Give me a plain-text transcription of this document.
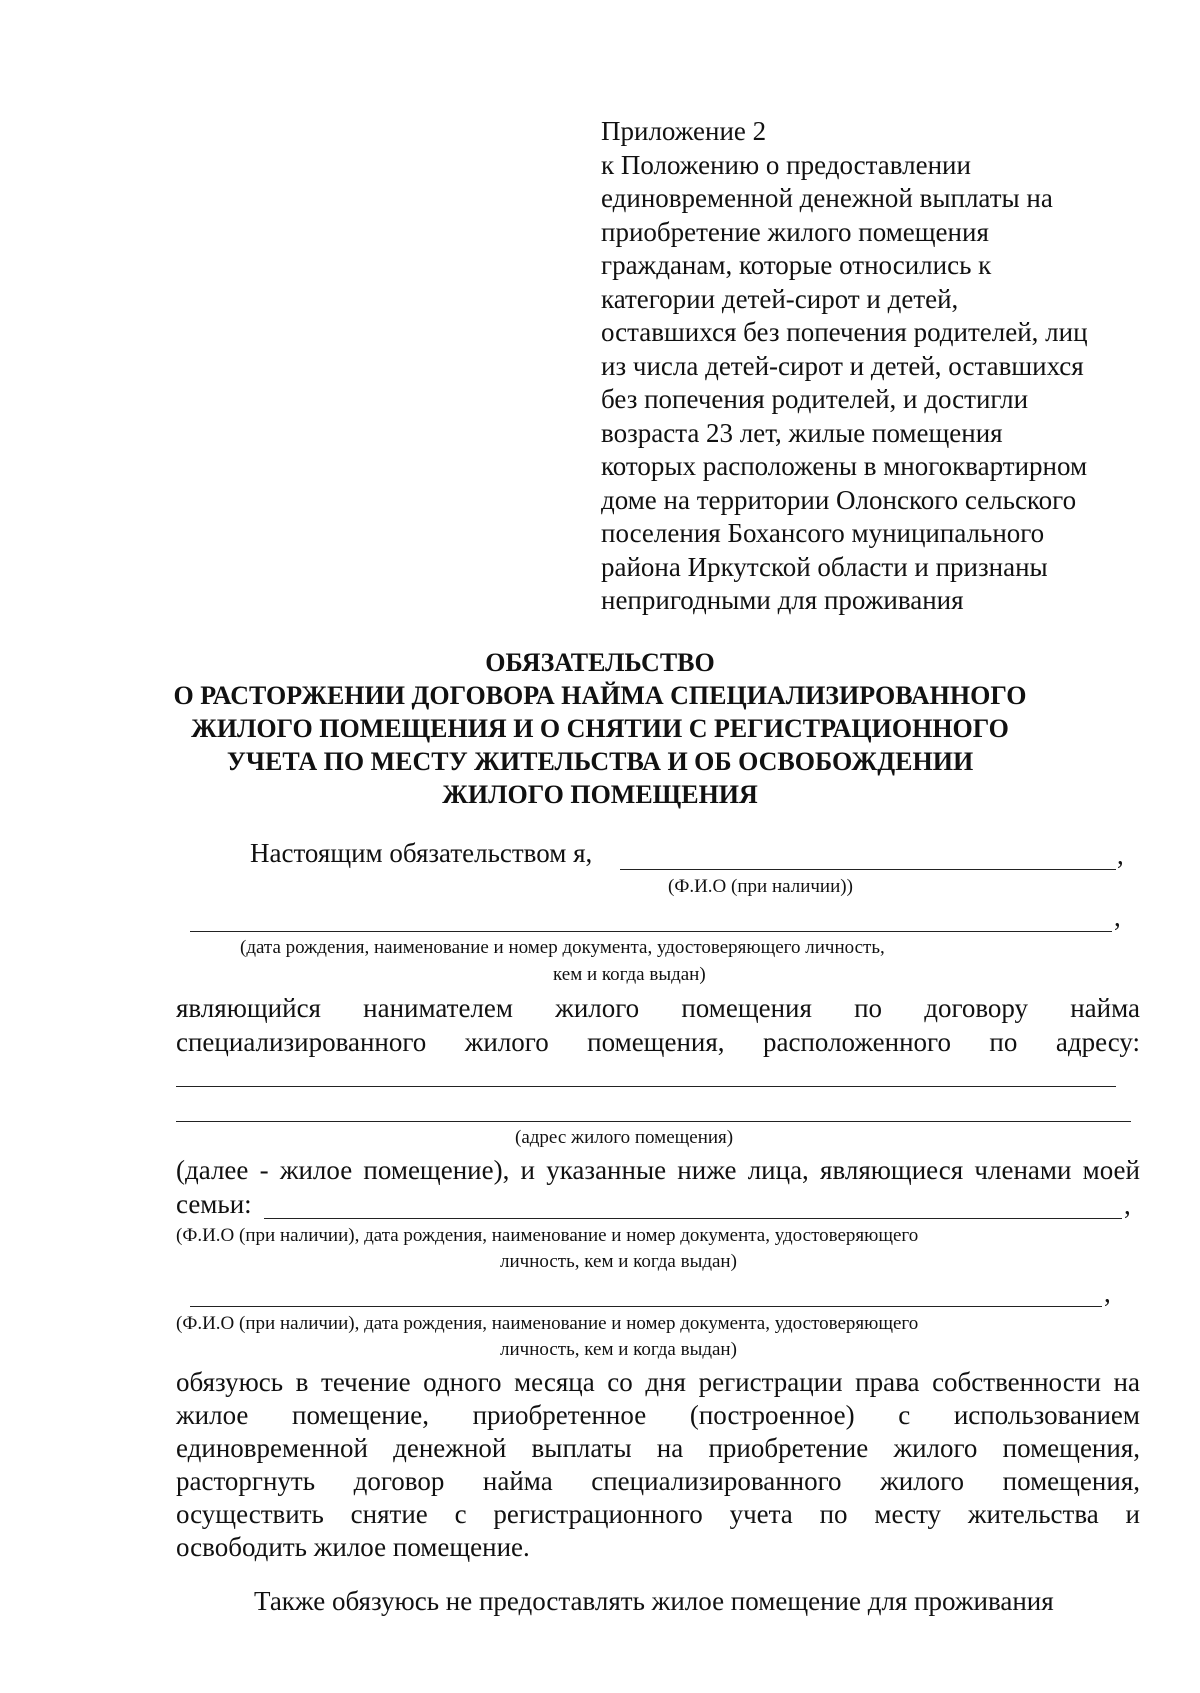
Приложение 2
к Положению о предоставлении
единовременной денежной выплаты на
приобретение жилого помещения
гражданам, которые относились к
категории детей-сирот и детей,
оставшихся без попечения родителей, лиц
из числа детей-сирот и детей, оставшихся
без попечения родителей, и достигли
возраста 23 лет, жилые помещения
которых расположены в многоквартирном
доме на территории Олонского сельского
поселения Бохансого муниципального
района Иркутской области и признаны
непригодными для проживания
ОБЯЗАТЕЛЬСТВО
О РАСТОРЖЕНИИ ДОГОВОРА НАЙМА СПЕЦИАЛИЗИРОВАННОГО
ЖИЛОГО ПОМЕЩЕНИЯ И О СНЯТИИ С РЕГИСТРАЦИОННОГО
УЧЕТА ПО МЕСТУ ЖИТЕЛЬСТВА И ОБ ОСВОБОЖДЕНИИ
ЖИЛОГО ПОМЕЩЕНИЯ
Настоящим обязательством я,	,
(Ф.И.О (при наличии))
,
(дата рождения, наименование и номер документа, удостоверяющего личность,
кем и когда выдан)
являющийся нанимателем жилого помещения по договору найма
специализированного жилого помещения, расположенного по адресу:
(адрес жилого помещения)
(далее - жилое помещение), и указанные ниже лица, являющиеся членами моей
семьи:	,
(Ф.И.О (при наличии), дата рождения, наименование и номер документа, удостоверяющего
личность, кем и когда выдан)
,
(Ф.И.О (при наличии), дата рождения, наименование и номер документа, удостоверяющего
личность, кем и когда выдан)
обязуюсь в течение одного месяца со дня регистрации права собственности на
жилое помещение, приобретенное (построенное) с использованием
единовременной денежной выплаты на приобретение жилого помещения,
расторгнуть договор найма специализированного жилого помещения,
осуществить снятие с регистрационного учета по месту жительства и
освободить жилое помещение.
Также обязуюсь не предоставлять жилое помещение для проживания
